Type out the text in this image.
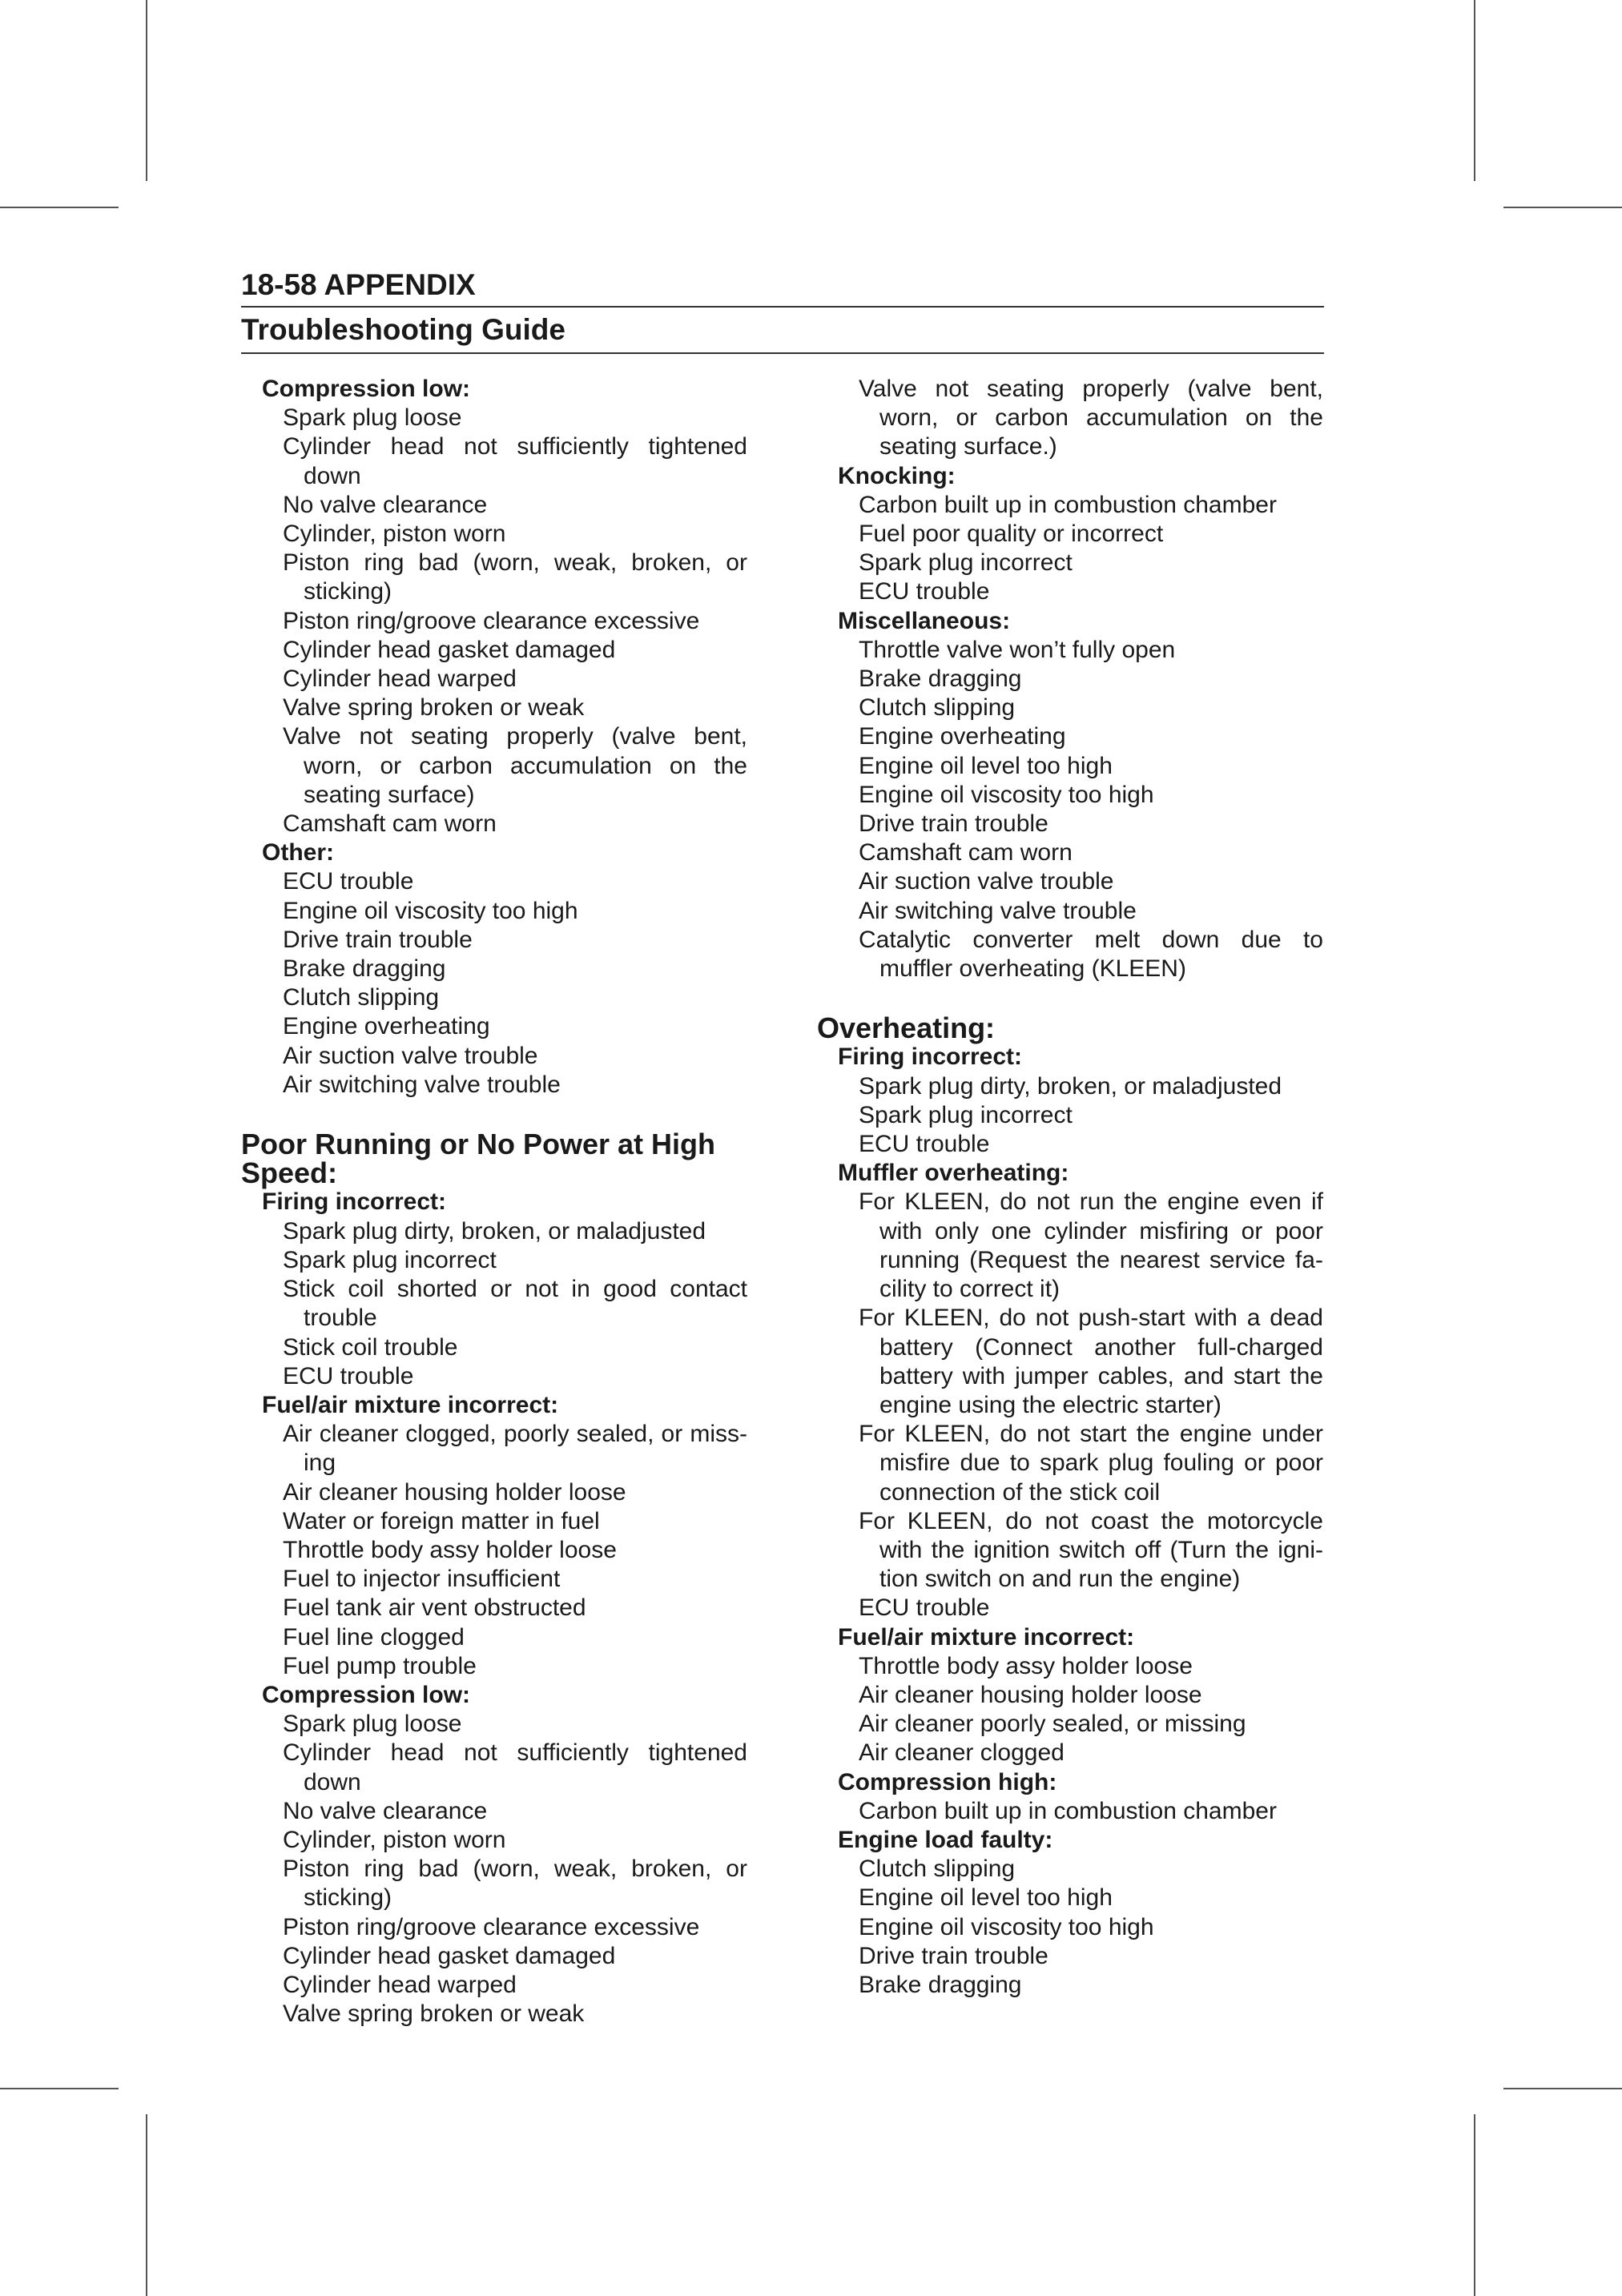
18-58 APPENDIX
Troubleshooting Guide
Compression low:
Spark plug loose
Cylinder head not sufficiently tightened down
No valve clearance
Cylinder, piston worn
Piston ring bad (worn, weak, broken, or sticking)
Piston ring/groove clearance excessive
Cylinder head gasket damaged
Cylinder head warped
Valve spring broken or weak
Valve not seating properly (valve bent, worn, or carbon accumulation on the seating surface)
Camshaft cam worn
Other:
ECU trouble
Engine oil viscosity too high
Drive train trouble
Brake dragging
Clutch slipping
Engine overheating
Air suction valve trouble
Air switching valve trouble
Poor Running or No Power at High Speed:
Firing incorrect:
Spark plug dirty, broken, or maladjusted
Spark plug incorrect
Stick coil shorted or not in good contact trouble
Stick coil trouble
ECU trouble
Fuel/air mixture incorrect:
Air cleaner clogged, poorly sealed, or miss-ing
Air cleaner housing holder loose
Water or foreign matter in fuel
Throttle body assy holder loose
Fuel to injector insufficient
Fuel tank air vent obstructed
Fuel line clogged
Fuel pump trouble
Compression low:
Spark plug loose
Cylinder head not sufficiently tightened down
No valve clearance
Cylinder, piston worn
Piston ring bad (worn, weak, broken, or sticking)
Piston ring/groove clearance excessive
Cylinder head gasket damaged
Cylinder head warped
Valve spring broken or weak
Valve not seating properly (valve bent, worn, or carbon accumulation on the seating surface.)
Knocking:
Carbon built up in combustion chamber
Fuel poor quality or incorrect
Spark plug incorrect
ECU trouble
Miscellaneous:
Throttle valve won’t fully open
Brake dragging
Clutch slipping
Engine overheating
Engine oil level too high
Engine oil viscosity too high
Drive train trouble
Camshaft cam worn
Air suction valve trouble
Air switching valve trouble
Catalytic converter melt down due to muffler overheating (KLEEN)
Overheating:
Firing incorrect:
Spark plug dirty, broken, or maladjusted
Spark plug incorrect
ECU trouble
Muffler overheating:
For KLEEN, do not run the engine even if with only one cylinder misfiring or poor running (Request the nearest service fa-cility to correct it)
For KLEEN, do not push-start with a dead battery (Connect another full-charged battery with jumper cables, and start the engine using the electric starter)
For KLEEN, do not start the engine under misfire due to spark plug fouling or poor connection of the stick coil
For KLEEN, do not coast the motorcycle with the ignition switch off (Turn the igni-tion switch on and run the engine)
ECU trouble
Fuel/air mixture incorrect:
Throttle body assy holder loose
Air cleaner housing holder loose
Air cleaner poorly sealed, or missing
Air cleaner clogged
Compression high:
Carbon built up in combustion chamber
Engine load faulty:
Clutch slipping
Engine oil level too high
Engine oil viscosity too high
Drive train trouble
Brake dragging
